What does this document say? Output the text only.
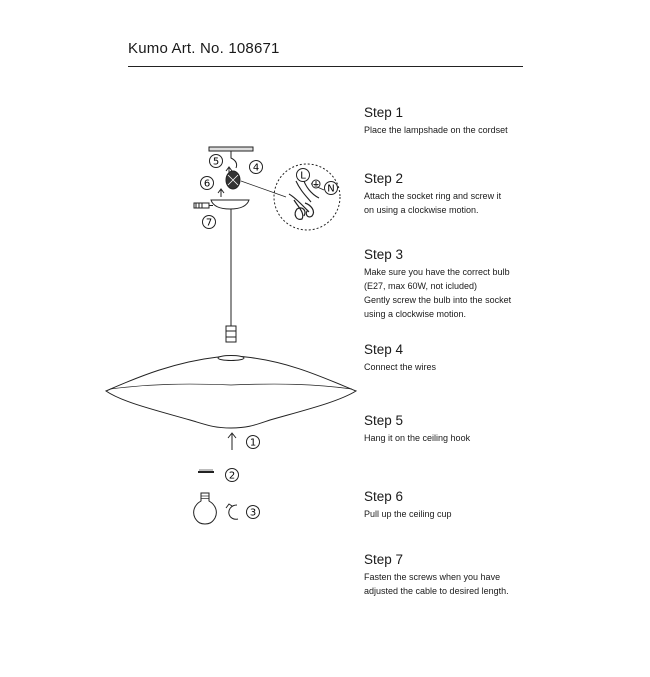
Kumo Art. No. 108671
5
4
6
7
L
N
1
2
3
Step 1

Place the lampshade on the cordset

Step 2

Attach the socket ring and screw it
on using a clockwise motion.

Step 3

Make sure you have the correct bulb
(E27, max 60W, not icluded)
Gently screw the bulb into the socket
using a clockwise motion.

Step 4

Connect the wires

Step 5

Hang it on the ceiling hook

Step 6

Pull up the ceiling cup

Step 7

Fasten the screws when you have
adjusted the cable to desired length.
